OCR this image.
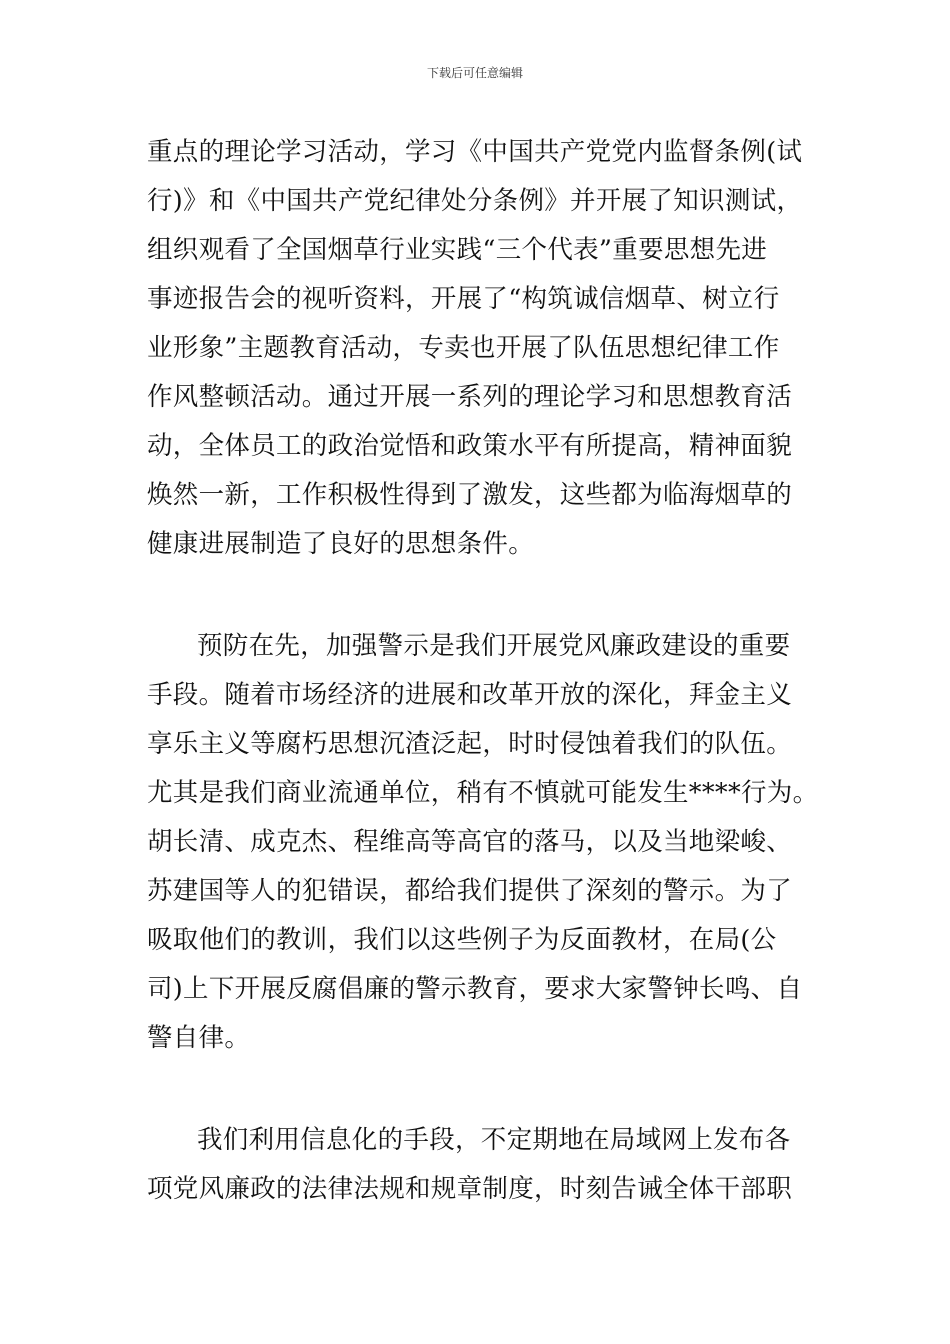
下载后可任意编辑
重点的理论学习活动，学习《中国共产党党内监督条例(试
行)》和《中国共产党纪律处分条例》并开展了知识测试，
组织观看了全国烟草行业实践“三个代表”重要思想先进
事迹报告会的视听资料，开展了“构筑诚信烟草、树立行
业形象”主题教育活动，专卖也开展了队伍思想纪律工作
作风整顿活动。通过开展一系列的理论学习和思想教育活
动，全体员工的政治觉悟和政策水平有所提高，精神面貌
焕然一新，工作积极性得到了激发，这些都为临海烟草的
健康进展制造了良好的思想条件。
预防在先，加强警示是我们开展党风廉政建设的重要
手段。随着市场经济的进展和改革开放的深化，拜金主义
享乐主义等腐朽思想沉渣泛起，时时侵蚀着我们的队伍。
尤其是我们商业流通单位，稍有不慎就可能发生****行为。
胡长清、成克杰、程维高等高官的落马，以及当地梁峻、
苏建国等人的犯错误，都给我们提供了深刻的警示。为了
吸取他们的教训，我们以这些例子为反面教材，在局(公
司)上下开展反腐倡廉的警示教育，要求大家警钟长鸣、自
警自律。
我们利用信息化的手段，不定期地在局域网上发布各
项党风廉政的法律法规和规章制度，时刻告诫全体干部职
